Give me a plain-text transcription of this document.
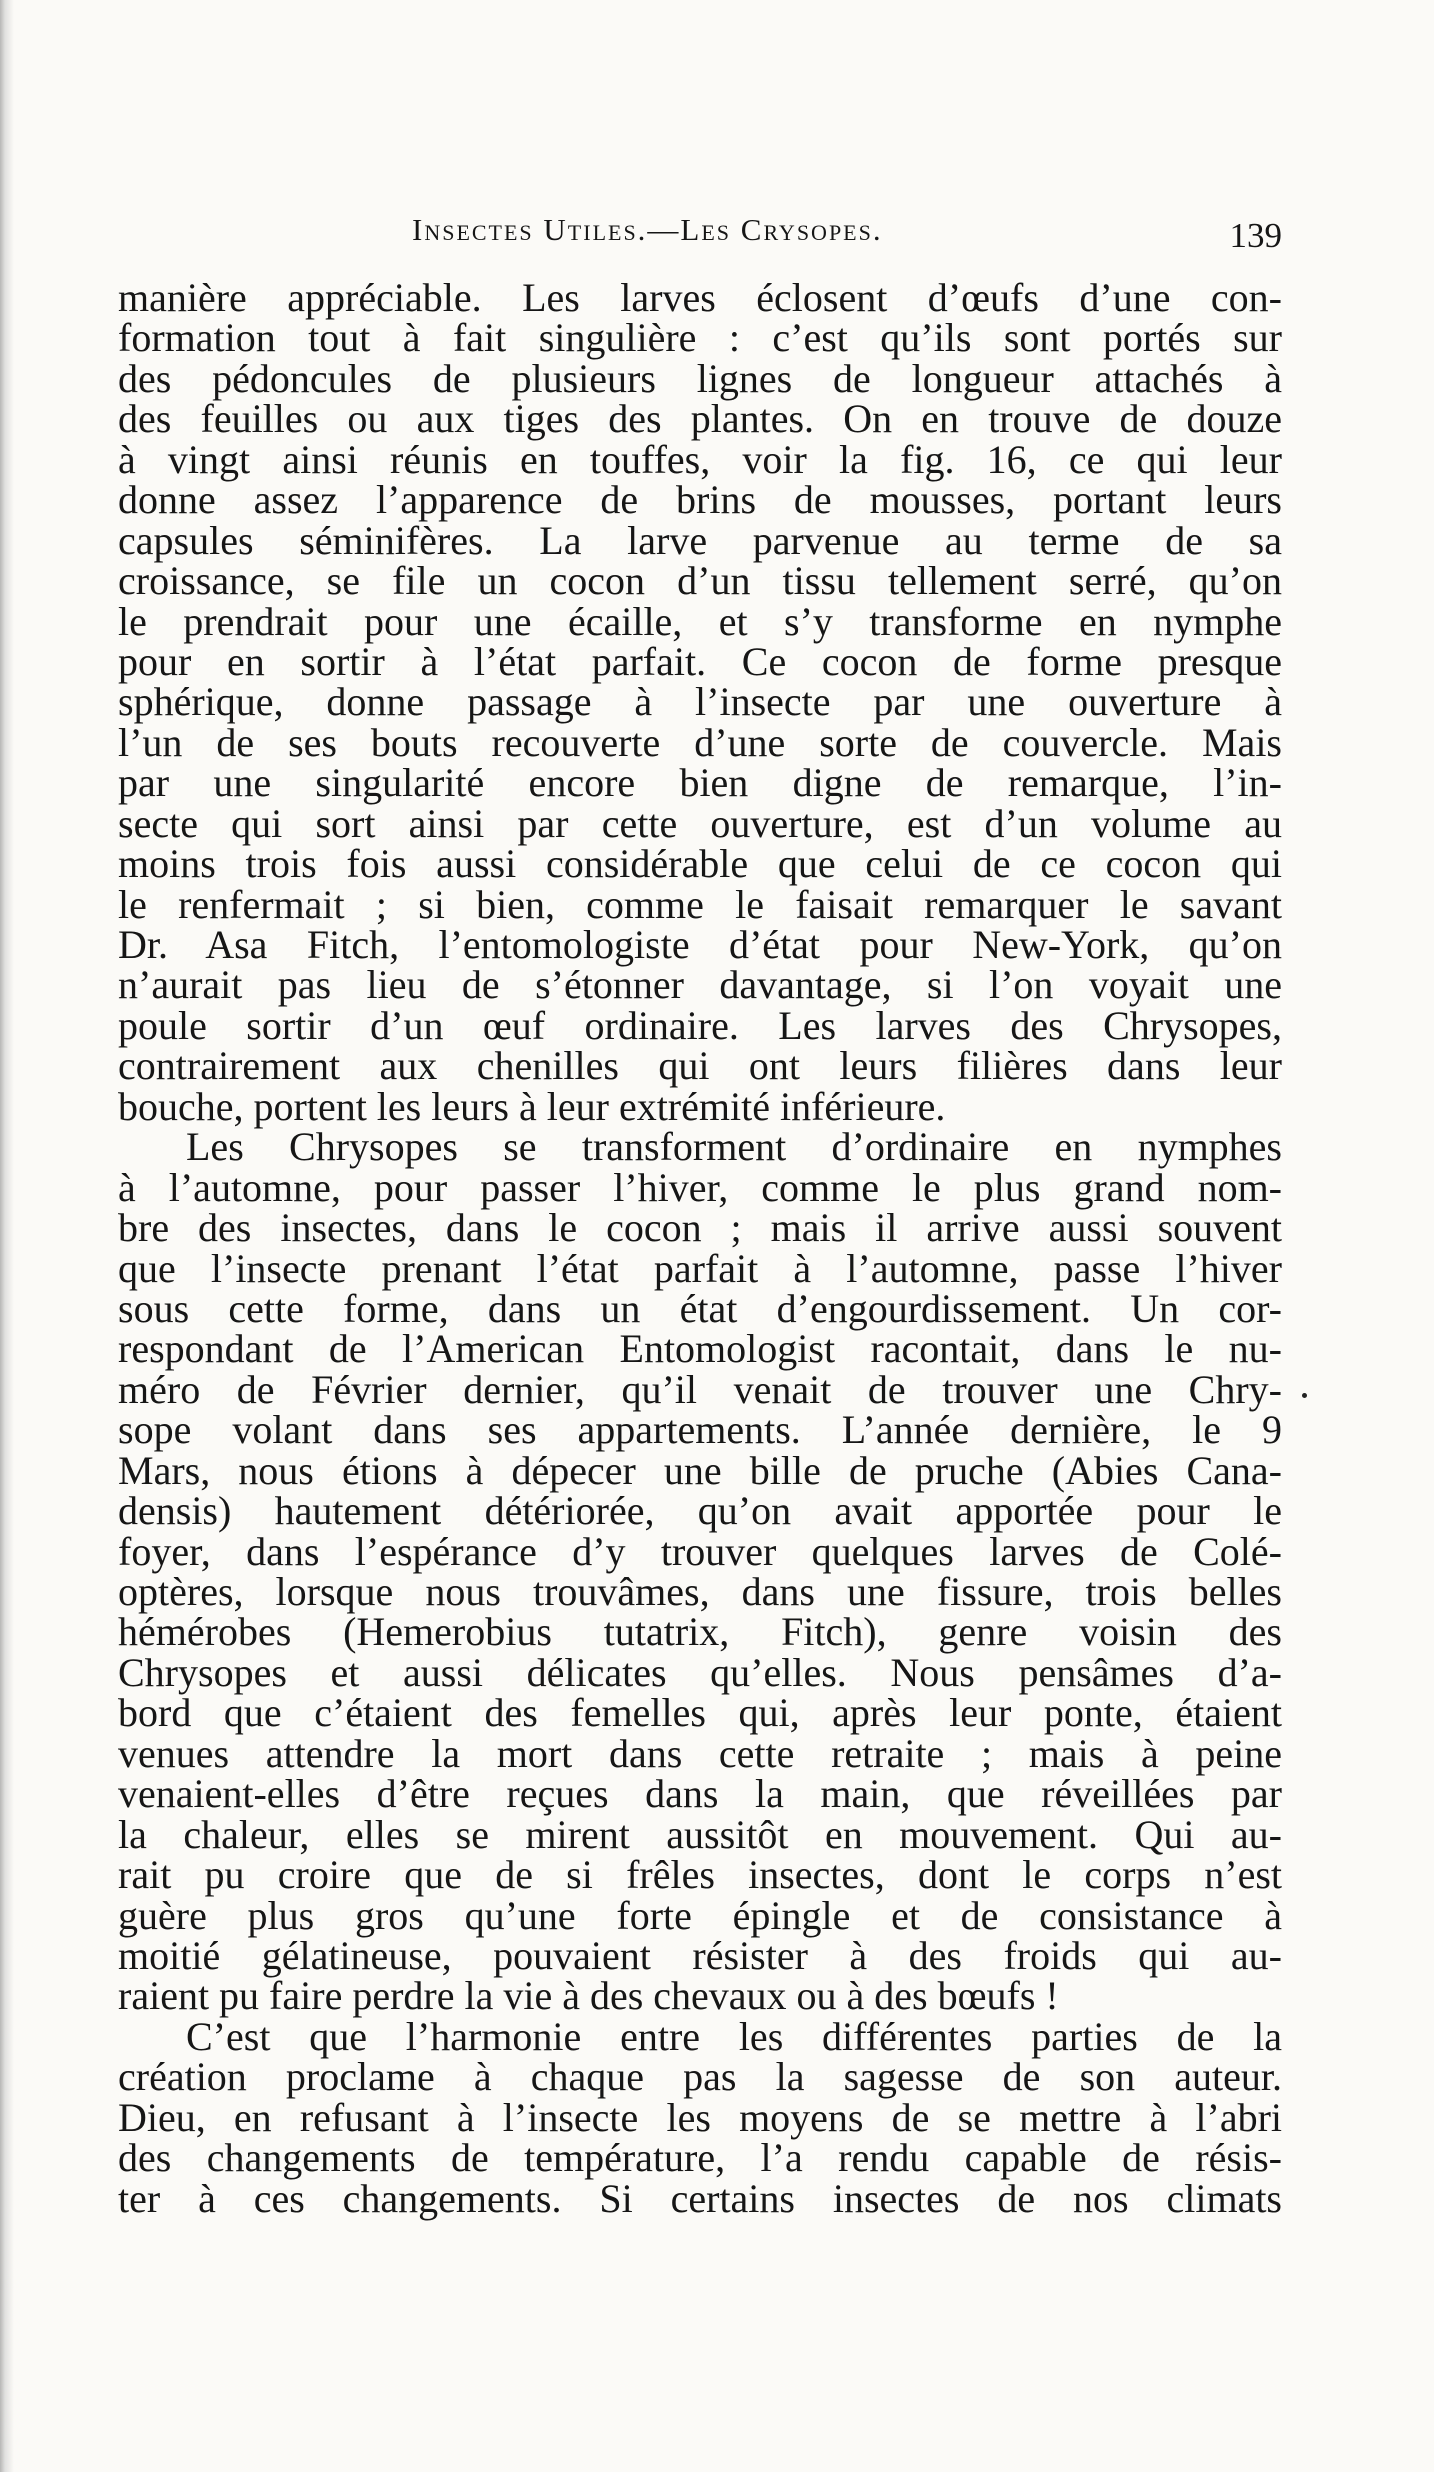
Insectes Utiles.—Les Crysopes.	139
manière appréciable. Les larves éclosent d’œufs d’une con-
formation tout à fait singulière : c’est qu’ils sont portés sur
des pédoncules de plusieurs lignes de longueur attachés à
des feuilles ou aux tiges des plantes. On en trouve de douze
à vingt ainsi réunis en touffes, voir la fig. 16, ce qui leur
donne assez l’apparence de brins de mousses, portant leurs
capsules séminifères. La larve parvenue au terme de sa
croissance, se file un cocon d’un tissu tellement serré, qu’on
le prendrait pour une écaille, et s’y transforme en nymphe
pour en sortir à l’état parfait. Ce cocon de forme presque
sphérique, donne passage à l’insecte par une ouverture à
l’un de ses bouts recouverte d’une sorte de couvercle. Mais
par une singularité encore bien digne de remarque, l’in-
secte qui sort ainsi par cette ouverture, est d’un volume au
moins trois fois aussi considérable que celui de ce cocon qui
le renfermait ; si bien, comme le faisait remarquer le savant
Dr. Asa Fitch, l’entomologiste d’état pour New-York, qu’on
n’aurait pas lieu de s’étonner davantage, si l’on voyait une
poule sortir d’un œuf ordinaire. Les larves des Chrysopes,
contrairement aux chenilles qui ont leurs filières dans leur
bouche, portent les leurs à leur extrémité inférieure.
Les Chrysopes se transforment d’ordinaire en nymphes
à l’automne, pour passer l’hiver, comme le plus grand nom-
bre des insectes, dans le cocon ; mais il arrive aussi souvent
que l’insecte prenant l’état parfait à l’automne, passe l’hiver
sous cette forme, dans un état d’engourdissement. Un cor-
respondant de l’American Entomologist racontait, dans le nu-
méro de Février dernier, qu’il venait de trouver une Chry-
sope volant dans ses appartements. L’année dernière, le 9
Mars, nous étions à dépecer une bille de pruche (Abies Cana-
densis) hautement détériorée, qu’on avait apportée pour le
foyer, dans l’espérance d’y trouver quelques larves de Colé-
optères, lorsque nous trouvâmes, dans une fissure, trois belles
hémérobes (Hemerobius tutatrix, Fitch), genre voisin des
Chrysopes et aussi délicates qu’elles. Nous pensâmes d’a-
bord que c’étaient des femelles qui, après leur ponte, étaient
venues attendre la mort dans cette retraite ; mais à peine
venaient-elles d’être reçues dans la main, que réveillées par
la chaleur, elles se mirent aussitôt en mouvement. Qui au-
rait pu croire que de si frêles insectes, dont le corps n’est
guère plus gros qu’une forte épingle et de consistance à
moitié gélatineuse, pouvaient résister à des froids qui au-
raient pu faire perdre la vie à des chevaux ou à des bœufs !
C’est que l’harmonie entre les différentes parties de la
création proclame à chaque pas la sagesse de son auteur.
Dieu, en refusant à l’insecte les moyens de se mettre à l’abri
des changements de température, l’a rendu capable de résis-
ter à ces changements. Si certains insectes de nos climats
